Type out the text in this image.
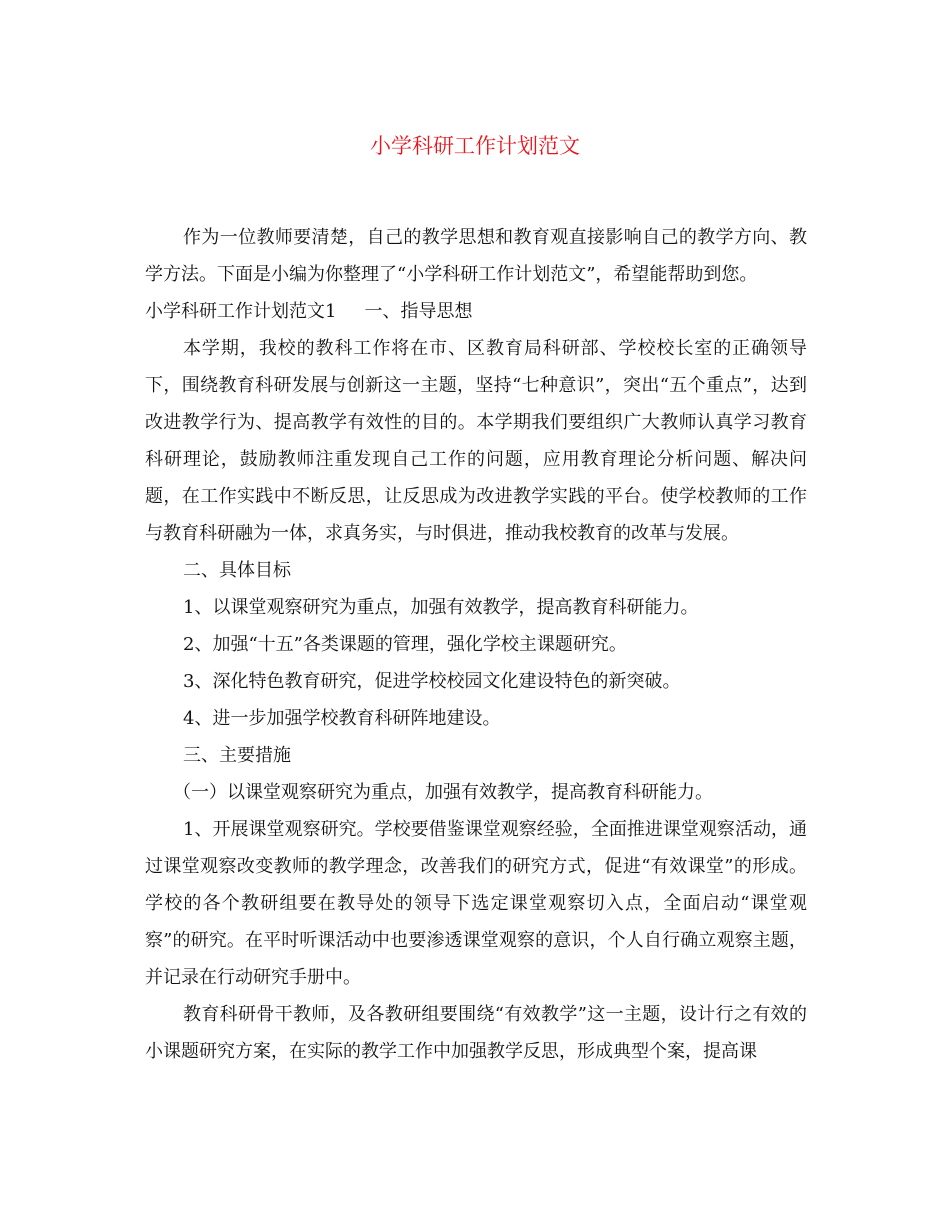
小学科研工作计划范文

作为一位教师要清楚，自己的教学思想和教育观直接影响自己的教学方向、教学方法。下面是小编为你整理了“小学科研工作计划范文”，希望能帮助到您。

小学科研工作计划范文1 一、指导思想

本学期，我校的教科工作将在市、区教育局科研部、学校校长室的正确领导下，围绕教育科研发展与创新这一主题，坚持“七种意识”，突出“五个重点”，达到改进教学行为、提高教学有效性的目的。本学期我们要组织广大教师认真学习教育科研理论，鼓励教师注重发现自己工作的问题，应用教育理论分析问题、解决问题，在工作实践中不断反思，让反思成为改进教学实践的平台。使学校教师的工作与教育科研融为一体，求真务实，与时俱进，推动我校教育的改革与发展。

二、具体目标

1、以课堂观察研究为重点，加强有效教学，提高教育科研能力。

2、加强“十五”各类课题的管理，强化学校主课题研究。

3、深化特色教育研究，促进学校校园文化建设特色的新突破。

4、进一步加强学校教育科研阵地建设。

三、主要措施

（一）以课堂观察研究为重点，加强有效教学，提高教育科研能力。

1、开展课堂观察研究。学校要借鉴课堂观察经验，全面推进课堂观察活动，通过课堂观察改变教师的教学理念，改善我们的研究方式，促进“有效课堂”的形成。学校的各个教研组要在教导处的领导下选定课堂观察切入点，全面启动“课堂观察”的研究。在平时听课活动中也要渗透课堂观察的意识，个人自行确立观察主题，并记录在行动研究手册中。

教育科研骨干教师，及各教研组要围绕“有效教学”这一主题，设计行之有效的小课题研究方案，在实际的教学工作中加强教学反思，形成典型个案，提高课
